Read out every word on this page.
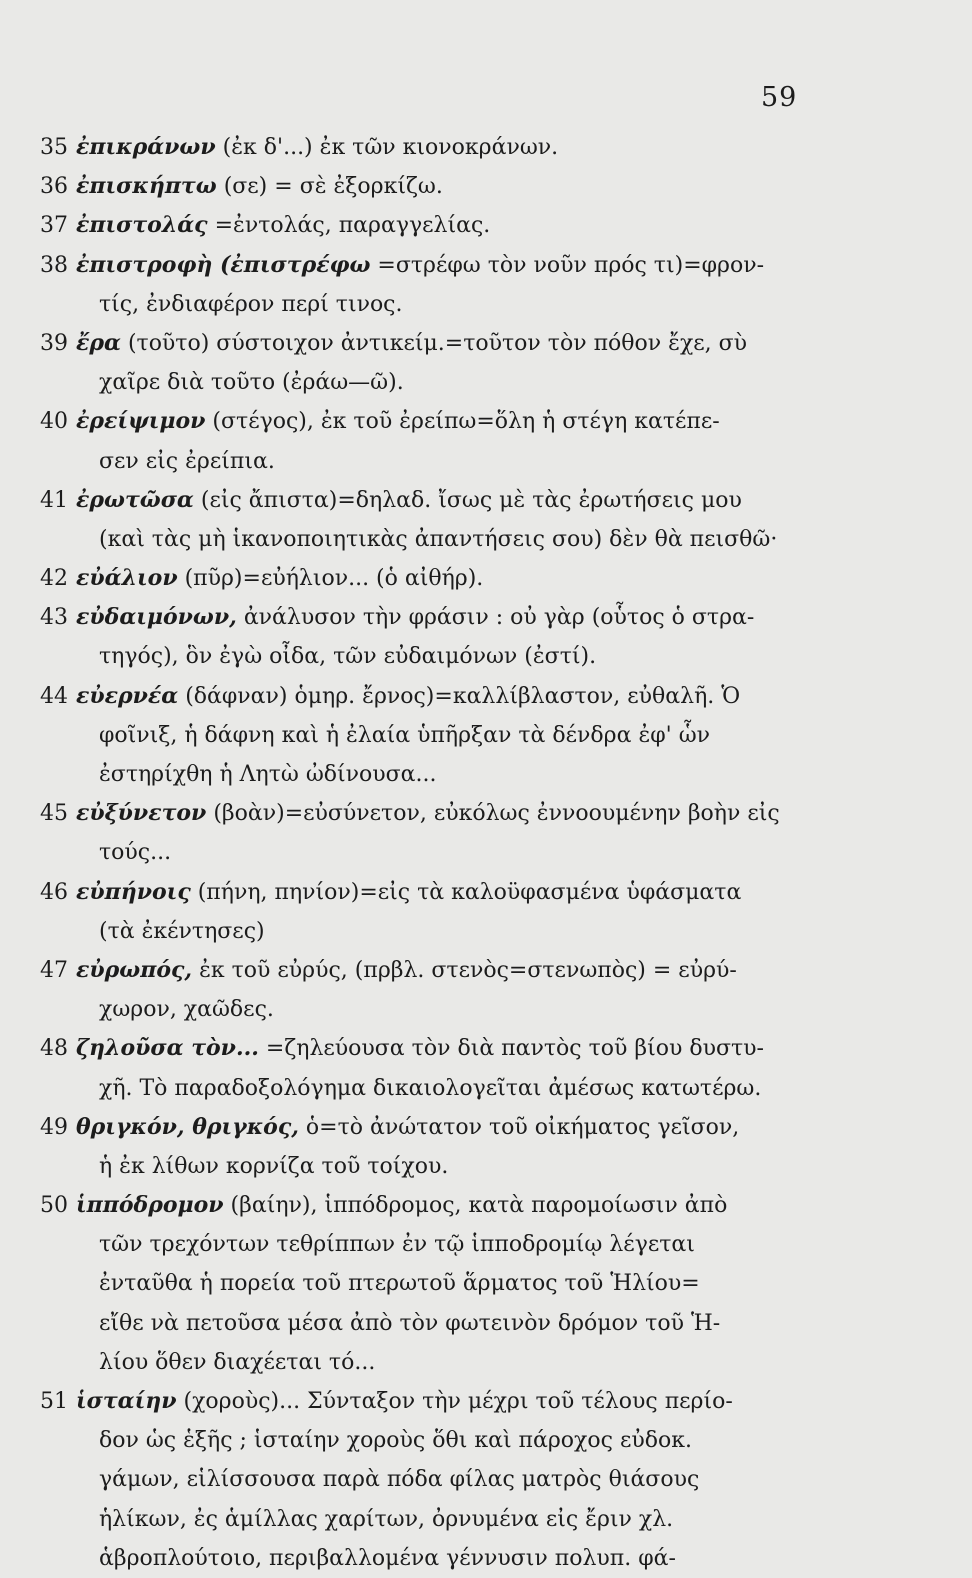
59
35 ἐπικράνων (ἐκ δ'...) ἐκ τῶν κιονοκράνων.
36 ἐπισκήπτω (σε) = σὲ ἐξορκίζω.
37 ἐπιστολάς =ἐντολάς, παραγγελίας.
38 ἐπιστροφὴ (ἐπιστρέφω =στρέφω τὸν νοῦν πρός τι)=φρον-
τίς, ἐνδιαφέρον περί τινος.
39 ἔρα (τοῦτο) σύστοιχον ἀντικείμ.=τοῦτον τὸν πόθον ἔχε, σὺ
χαῖρε διὰ τοῦτο (ἐράω—ῶ).
40 ἐρείψιμον (στέγος), ἐκ τοῦ ἐρείπω=ὅλη ἡ στέγη κατέπε-
σεν εἰς ἐρείπια.
41 ἐρωτῶσα (εἰς ἄπιστα)=δηλαδ. ἴσως μὲ τὰς ἐρωτήσεις μου
(καὶ τὰς μὴ ἱκανοποιητικὰς ἀπαντήσεις σου) δὲν θὰ πεισθῶ·
42 εὐάλιον (πῦρ)=εὐήλιον... (ὁ αἰθήρ).
43 εὐδαιμόνων, ἀνάλυσον τὴν φράσιν : οὐ γὰρ (οὗτος ὁ στρα-
τηγός), ὃν ἐγὼ οἶδα, τῶν εὐδαιμόνων (ἐστί).
44 εὐερνέα (δάφναν) ὁμηρ. ἔρνος)=καλλίβλαστον, εὐθαλῆ. Ὁ
φοῖνιξ, ἡ δάφνη καὶ ἡ ἐλαία ὑπῆρξαν τὰ δένδρα ἐφ' ὧν
ἐστηρίχθη ἡ Λητὼ ὠδίνουσα...
45 εὐξύνετον (βοὰν)=εὐσύνετον, εὐκόλως ἐννοουμένην βοὴν εἰς
τούς...
46 εὐπήνοις (πήνη, πηνίον)=εἰς τὰ καλοϋφασμένα ὑφάσματα
(τὰ ἐκέντησες)
47 εὐρωπός, ἐκ τοῦ εὐρύς, (πρβλ. στενὸς=στενωπὸς) = εὐρύ-
χωρον, χαῶδες.
48 ζηλοῦσα τὸν... =ζηλεύουσα τὸν διὰ παντὸς τοῦ βίου δυστυ-
χῆ. Τὸ παραδοξολόγημα δικαιολογεῖται ἀμέσως κατωτέρω.
49 θριγκόν, θριγκός, ὁ=τὸ ἀνώτατον τοῦ οἰκήματος γεῖσον,
ἡ ἐκ λίθων κορνίζα τοῦ τοίχου.
50 ἱππόδρομον (βαίην), ἱππόδρομος, κατὰ παρομοίωσιν ἀπὸ
τῶν τρεχόντων τεθρίππων ἐν τῷ ἱπποδρομίῳ λέγεται
ἐνταῦθα ἡ πορεία τοῦ πτερωτοῦ ἅρματος τοῦ Ἡλίου=
εἴθε νὰ πετοῦσα μέσα ἀπὸ τὸν φωτεινὸν δρόμον τοῦ Ἡ-
λίου ὅθεν διαχέεται τό...
51 ἱσταίην (χοροὺς)... Σύνταξον τὴν μέχρι τοῦ τέλους περίο-
δον ὡς ἑξῆς ; ἱσταίην χοροὺς ὅθι καὶ πάροχος εὐδοκ.
γάμων, εἱλίσσουσα παρὰ πόδα φίλας ματρὸς θιάσους
ἡλίκων, ἐς ἁμίλλας χαρίτων, ὀρνυμένα εἰς ἔριν χλ.
ἁβροπλούτοιο, περιβαλλομένα γέννυσιν πολυπ. φά-
